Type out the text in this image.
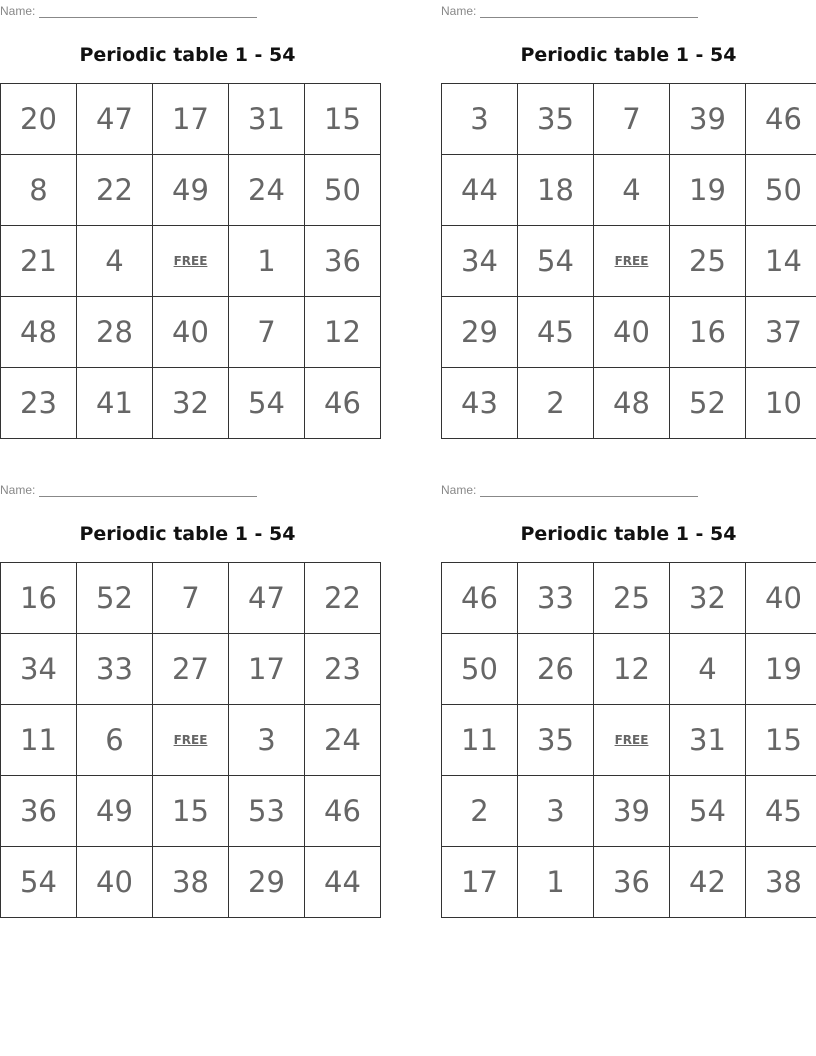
Name:
Periodic table 1 - 54
20	47	17	31	15
8	22	49	24	50
21	4	FREE	1	36
48	28	40	7	12
23	41	32	54	46
Name:
Periodic table 1 - 54
3	35	7	39	46
44	18	4	19	50
34	54	FREE	25	14
29	45	40	16	37
43	2	48	52	10
Name:
Periodic table 1 - 54
16	52	7	47	22
34	33	27	17	23
11	6	FREE	3	24
36	49	15	53	46
54	40	38	29	44
Name:
Periodic table 1 - 54
46	33	25	32	40
50	26	12	4	19
11	35	FREE	31	15
2	3	39	54	45
17	1	36	42	38
